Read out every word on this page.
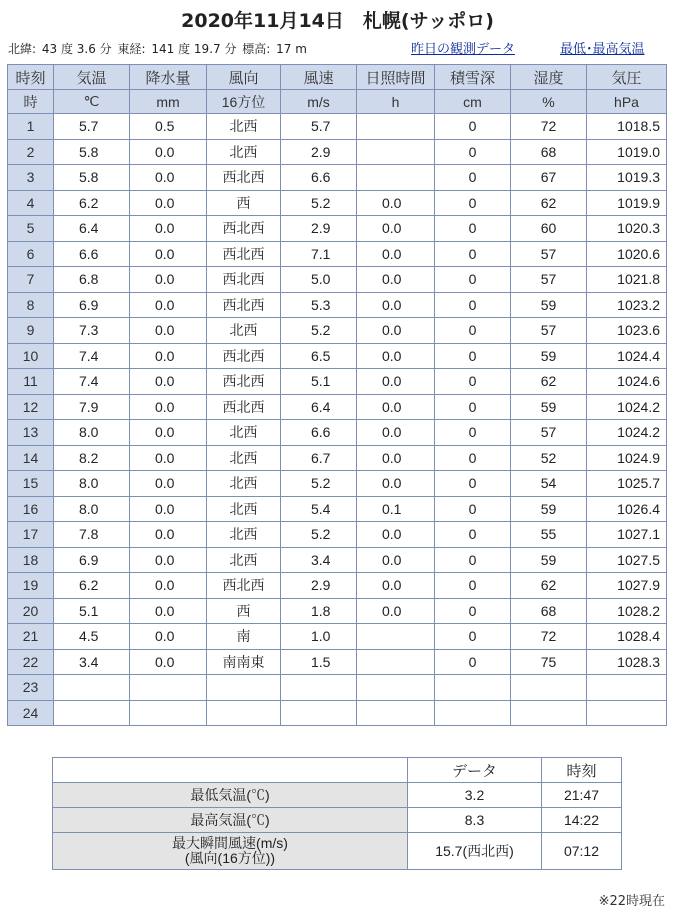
2020年11月14日　札幌(サッポロ)
北緯: 43 度 3.6 分 東経: 141 度 19.7 分 標高: 17 m	昨日の観測データ	最低･最高気温
時刻	気温	降水量	風向	風速	日照時間	積雪深	湿度	気圧
時	℃	mm	16方位	m/s	h	cm	%	hPa
1	5.7	0.5	北西	5.7		0	72	1018.5
2	5.8	0.0	北西	2.9		0	68	1019.0
3	5.8	0.0	西北西	6.6		0	67	1019.3
4	6.2	0.0	西	5.2	0.0	0	62	1019.9
5	6.4	0.0	西北西	2.9	0.0	0	60	1020.3
6	6.6	0.0	西北西	7.1	0.0	0	57	1020.6
7	6.8	0.0	西北西	5.0	0.0	0	57	1021.8
8	6.9	0.0	西北西	5.3	0.0	0	59	1023.2
9	7.3	0.0	北西	5.2	0.0	0	57	1023.6
10	7.4	0.0	西北西	6.5	0.0	0	59	1024.4
11	7.4	0.0	西北西	5.1	0.0	0	62	1024.6
12	7.9	0.0	西北西	6.4	0.0	0	59	1024.2
13	8.0	0.0	北西	6.6	0.0	0	57	1024.2
14	8.2	0.0	北西	6.7	0.0	0	52	1024.9
15	8.0	0.0	北西	5.2	0.0	0	54	1025.7
16	8.0	0.0	北西	5.4	0.1	0	59	1026.4
17	7.8	0.0	北西	5.2	0.0	0	55	1027.1
18	6.9	0.0	北西	3.4	0.0	0	59	1027.5
19	6.2	0.0	西北西	2.9	0.0	0	62	1027.9
20	5.1	0.0	西	1.8	0.0	0	68	1028.2
21	4.5	0.0	南	1.0		0	72	1028.4
22	3.4	0.0	南南東	1.5		0	75	1028.3
23								
24								
	データ	時刻
最低気温(℃)	3.2	21:47
最高気温(℃)	8.3	14:22

最大瞬間風速(m/s)
(風向(16方位))	15.7(西北西)	07:12
※22時現在
